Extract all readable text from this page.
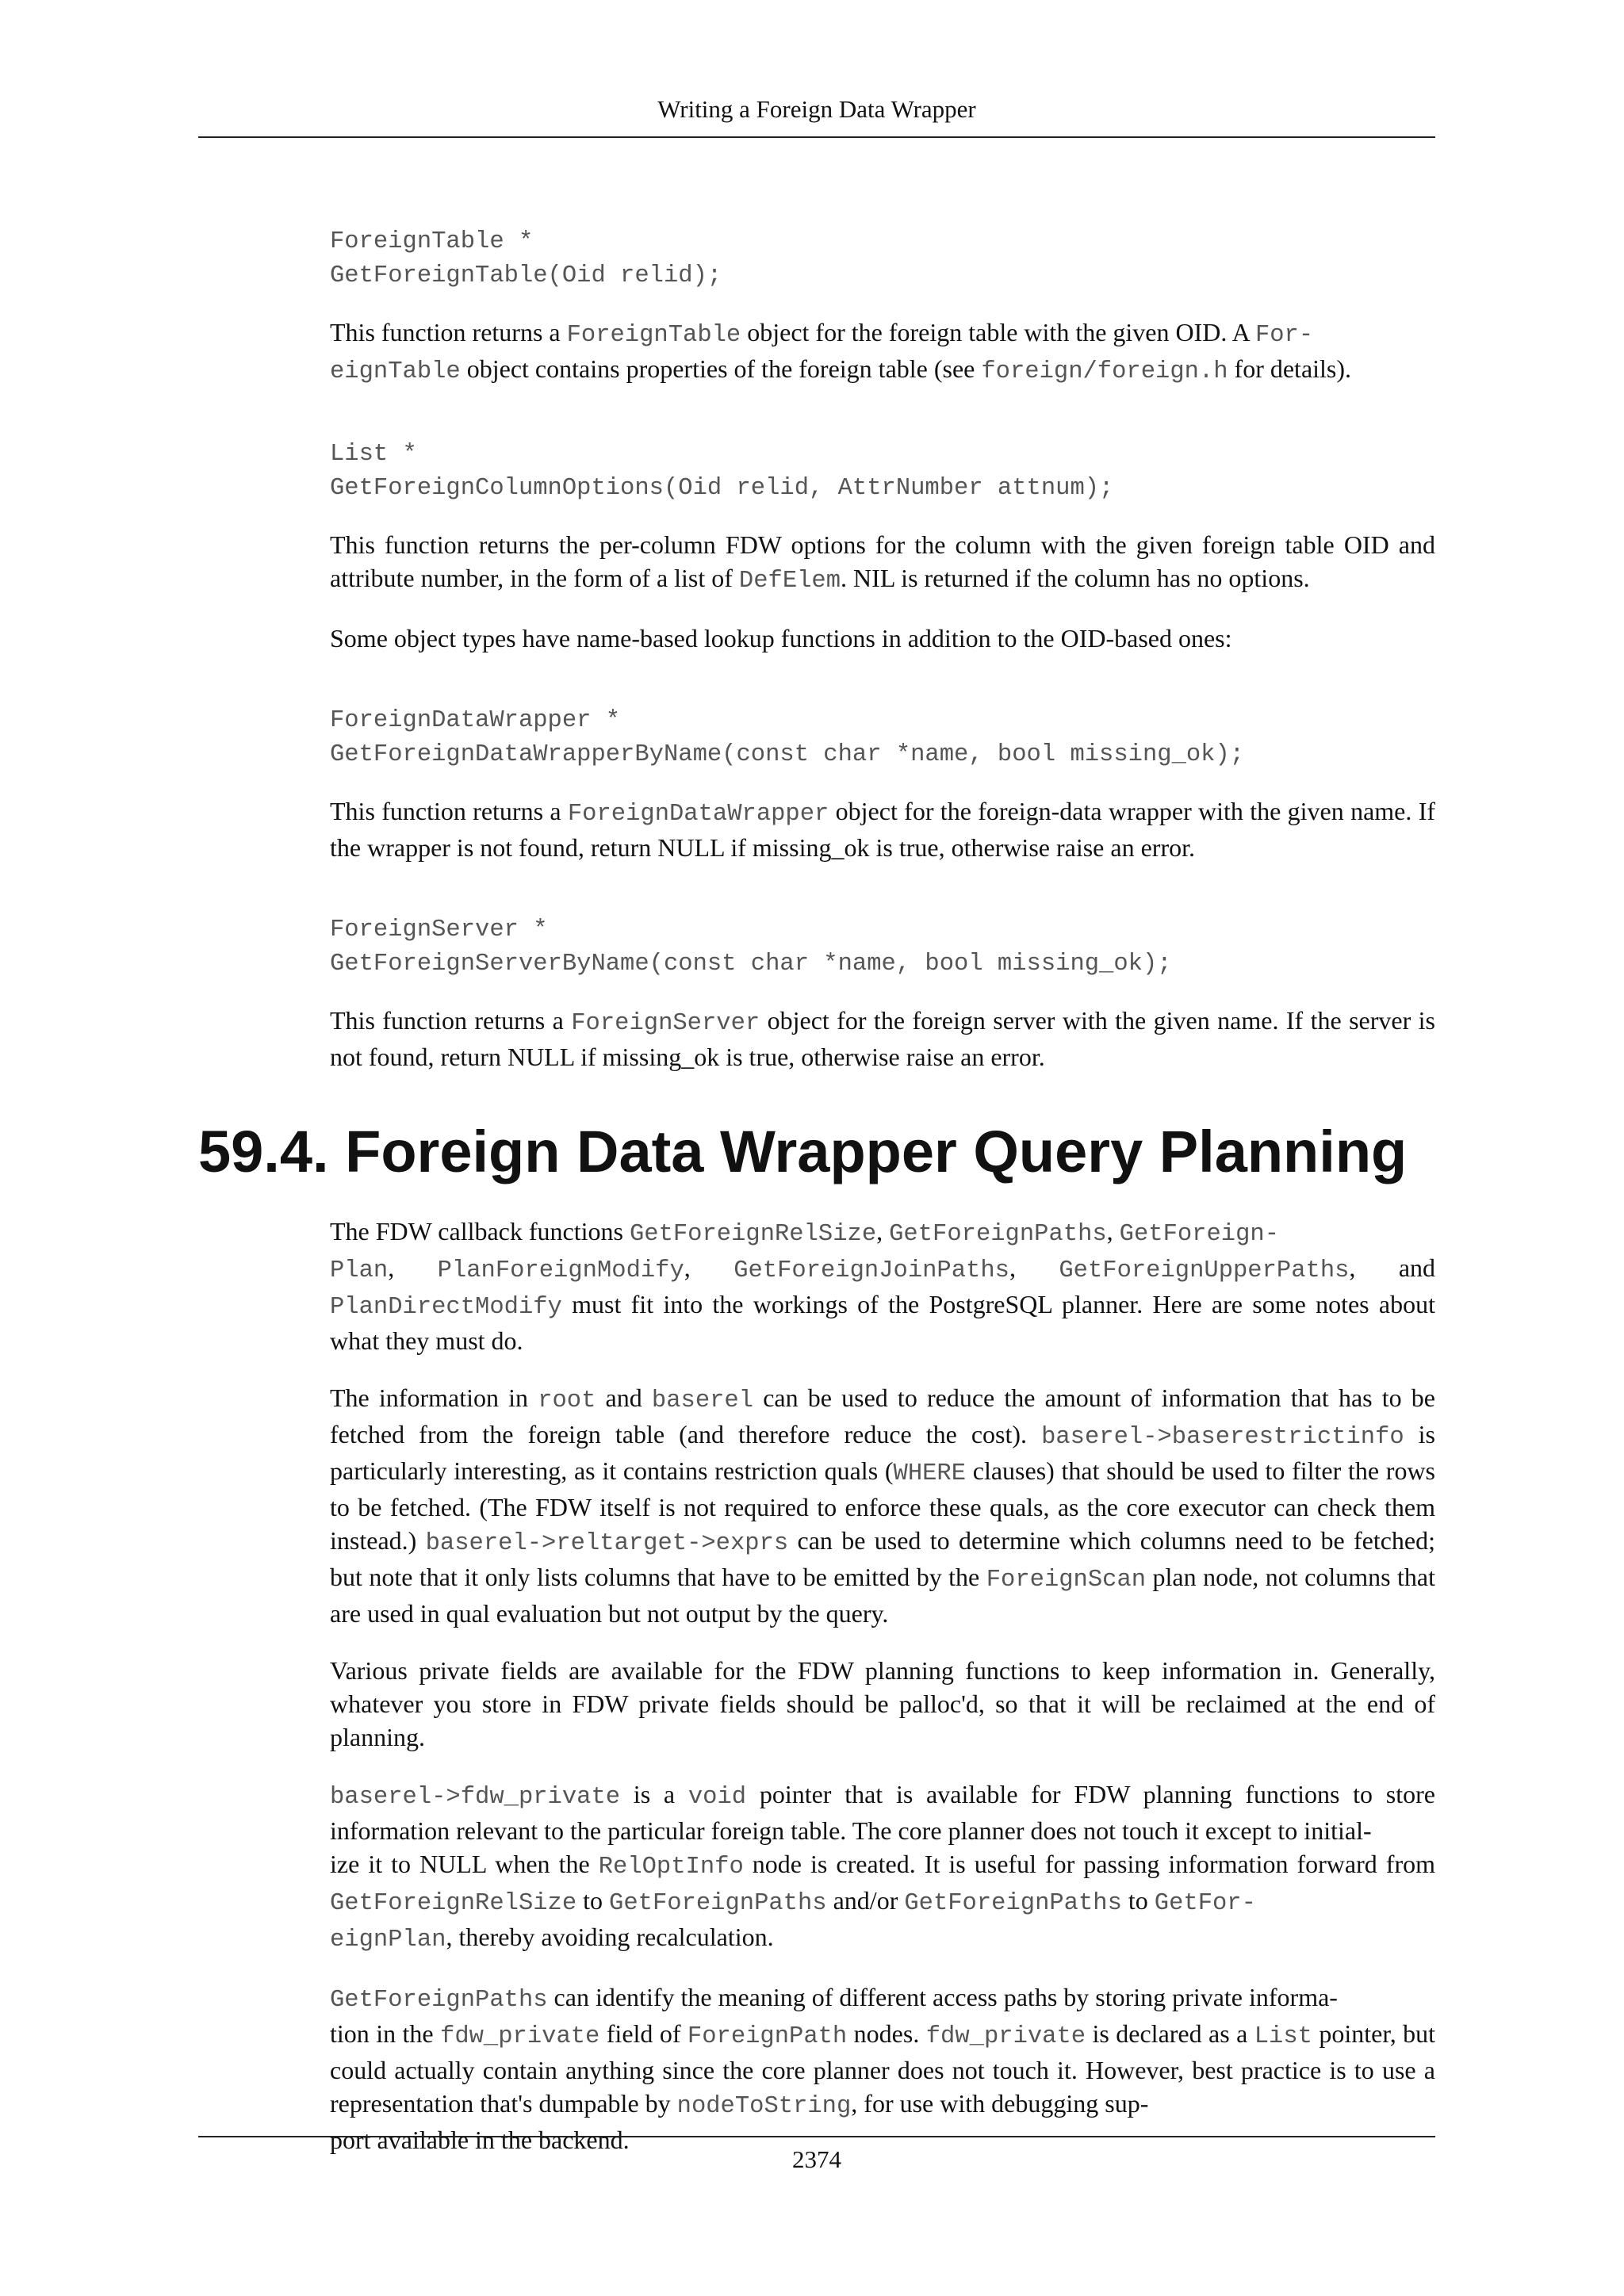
Writing a Foreign Data Wrapper
ForeignTable *
GetForeignTable(Oid relid);

This function returns a ForeignTable object for the foreign table with the given OID. A For-
eignTable object contains properties of the foreign table (see foreign/foreign.h for details).

List *
GetForeignColumnOptions(Oid relid, AttrNumber attnum);

This function returns the per-column FDW options for the column with the given foreign table OID and attribute number, in the form of a list of DefElem. NIL is returned if the column has no options.

Some object types have name-based lookup functions in addition to the OID-based ones:

ForeignDataWrapper *
GetForeignDataWrapperByName(const char *name, bool missing_ok);

This function returns a ForeignDataWrapper object for the foreign-data wrapper with the given name. If the wrapper is not found, return NULL if missing_ok is true, otherwise raise an error.

ForeignServer *
GetForeignServerByName(const char *name, bool missing_ok);

This function returns a ForeignServer object for the foreign server with the given name. If the server is not found, return NULL if missing_ok is true, otherwise raise an error.

59.4. Foreign Data Wrapper Query Planning

The FDW callback functions GetForeignRelSize, GetForeignPaths, GetForeign-
Plan, PlanForeignModify, GetForeignJoinPaths, GetForeignUpperPaths, and PlanDirectModify must fit into the workings of the PostgreSQL planner. Here are some notes about what they must do.

The information in root and baserel can be used to reduce the amount of information that has to be fetched from the foreign table (and therefore reduce the cost). baserel->baserestrictinfo is particularly interesting, as it contains restriction quals (WHERE clauses) that should be used to filter the rows to be fetched. (The FDW itself is not required to enforce these quals, as the core executor can check them instead.) baserel->reltarget->exprs can be used to determine which columns need to be fetched; but note that it only lists columns that have to be emitted by the ForeignScan plan node, not columns that are used in qual evaluation but not output by the query.

Various private fields are available for the FDW planning functions to keep information in. Generally, whatever you store in FDW private fields should be palloc'd, so that it will be reclaimed at the end of planning.

baserel->fdw_private is a void pointer that is available for FDW planning functions to store information relevant to the particular foreign table. The core planner does not touch it except to initial-
ize it to NULL when the RelOptInfo node is created. It is useful for passing information forward from GetForeignRelSize to GetForeignPaths and/or GetForeignPaths to GetFor-
eignPlan, thereby avoiding recalculation.

GetForeignPaths can identify the meaning of different access paths by storing private informa-
tion in the fdw_private field of ForeignPath nodes. fdw_private is declared as a List pointer, but could actually contain anything since the core planner does not touch it. However, best practice is to use a representation that's dumpable by nodeToString, for use with debugging sup-
port available in the backend.

2374
